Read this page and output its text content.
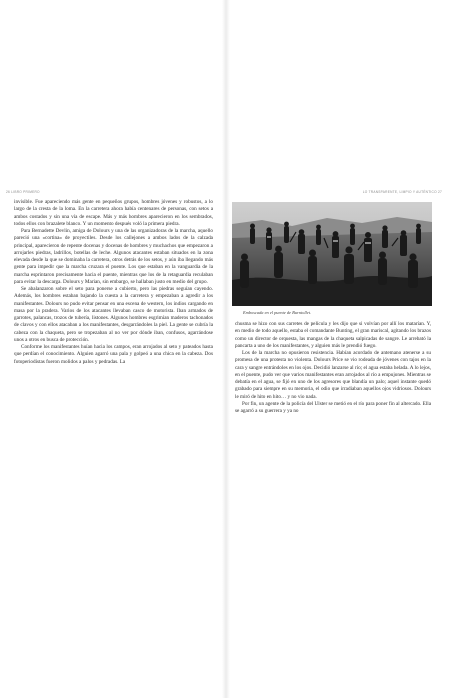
26 LIBRO PRIMERO	LO TRANSPARENTE, LIMPIO Y AUTÉNTICO 27

invisible. Fue apareciendo más gente en pequeños grupos, hombres jóvenes y robustos, a lo largo de la cresta de la loma. En la carretera ahora había centenares de personas, con setos a ambos costados y sin una vía de escape. Más y más hombres aparecieron en los sembrados, todos ellos con brazalete blanco. Y un momento después voló la primera piedra.

Para Bernadette Devlin, amiga de Dolours y una de las organizadoras de la marcha, aquello pareció una «cortina» de proyectiles. Desde los callejones a ambos lados de la calzada principal, aparecieron de repente docenas y docenas de hombres y muchachos que empezaron a arrojarles piedras, ladrillos, botellas de leche. Algunos atacantes estaban situados en la zona elevada desde la que se dominaba la carretera, otros detrás de los setos, y aún iba llegando más gente para impedir que la marcha cruzara el puente. Los que estaban en la vanguardia de la marcha esprintaron precisamente hacia el puente, mientras que los de la retaguardia reculaban para evitar la descarga. Dolours y Marian, sin embargo, se hallaban justo en medio del grupo.

Se abalanzaron sobre el seto para ponerse a cubierto, pero las piedras seguían cayendo. Además, los hombres estaban bajando la cuesta a la carretera y empezaban a agredir a los manifestantes. Dolours no pudo evitar pensar en una escena de western, los indios cargando en masa por la pradera. Varios de los atacantes llevaban casco de motorista. Iban armados de garrotes, palancas, trozos de tubería, listones. Algunos hombres esgrimían maderos tachonados de clavos y con ellos atacaban a los manifestantes, desgarrándoles la piel. La gente se cubría la cabeza con la chaqueta, pero se tropezaban al no ver por dónde iban, confusos, agarrándose unos a otros en busca de protección.

Conforme los manifestantes huían hacia los campos, eran arrojados al seto y pateados hasta que perdían el conocimiento. Alguien agarró una pala y golpeó a una chica en la cabeza. Dos fotoperiodistas fueron molidos a palos y pedradas. La

Emboscada en el puente de Burntollet.

chusma se hizo con sus carretes de película y les dijo que si volvían por allí los matarían. Y, en medio de todo aquello, estaba el comandante Bunting, el gran mariscal, agitando los brazos como un director de orquesta, las mangas de la chaqueta salpicadas de sangre. Le arrebató la pancarta a uno de los manifestantes, y alguien más le prendió fuego.

Los de la marcha no opusieron resistencia. Habían acordado de antemano atenerse a su promesa de una protesta no violenta. Dolours Price se vio rodeada de jóvenes con tajos en la cara y sangre entrándoles en los ojos. Decidió lanzarse al río; el agua estaba helada. A lo lejos, en el puente, pudo ver que varios manifestantes eran arrojados al río a empujones. Mientras se debatía en el agua, se fijó en uno de los agresores que blandía un palo; aquel instante quedó grabado para siempre en su memoria, el odio que irradiaban aquellos ojos vidriosos. Dolours le miró de hito en hito… y no vio nada.

Por fin, un agente de la policía del Ulster se metió en el río para poner fin al altercado. Ella se agarró a su guerrera y ya no
